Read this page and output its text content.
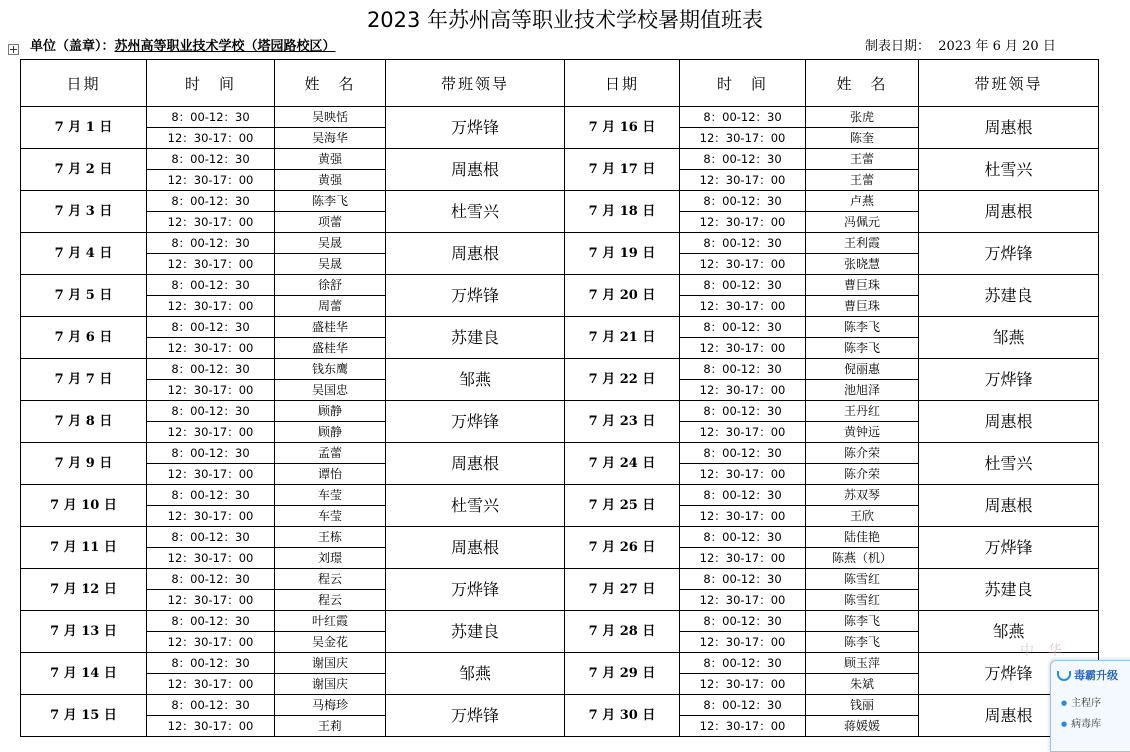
2023 年苏州高等职业技术学校暑期值班表
单位（盖章）：苏州高等职业技术学校（塔园路校区）	制表日期： 2023 年 6 月 20 日
日期	时　间	姓　名	带班领导	日期	时　间	姓　名	带班领导
7 月 1 日	8：00-12：30	吴映恬	万烨锋	7 月 16 日	8：00-12：30	张虎	周惠根
	12：30-17：00	吴海华			12：30-17：00	陈奎	
7 月 2 日	8：00-12：30	黄强	周惠根	7 月 17 日	8：00-12：30	王蕾	杜雪兴
	12：30-17：00	黄强			12：30-17：00	王蕾	
7 月 3 日	8：00-12：30	陈李飞	杜雪兴	7 月 18 日	8：00-12：30	卢燕	周惠根
	12：30-17：00	项蕾			12：30-17：00	冯佩元	
7 月 4 日	8：00-12：30	吴晟	周惠根	7 月 19 日	8：00-12：30	王利霞	万烨锋
	12：30-17：00	吴晟			12：30-17：00	张晓慧	
7 月 5 日	8：00-12：30	徐舒	万烨锋	7 月 20 日	8：00-12：30	曹巨珠	苏建良
	12：30-17：00	周蕾			12：30-17：00	曹巨珠	
7 月 6 日	8：00-12：30	盛桂华	苏建良	7 月 21 日	8：00-12：30	陈李飞	邹燕
	12：30-17：00	盛桂华			12：30-17：00	陈李飞	
7 月 7 日	8：00-12：30	钱东鹰	邹燕	7 月 22 日	8：00-12：30	倪丽惠	万烨锋
	12：30-17：00	吴国忠			12：30-17：00	池旭泽	
7 月 8 日	8：00-12：30	顾静	万烨锋	7 月 23 日	8：00-12：30	王丹红	周惠根
	12：30-17：00	顾静			12：30-17：00	黄钟远	
7 月 9 日	8：00-12：30	孟蕾	周惠根	7 月 24 日	8：00-12：30	陈介荣	杜雪兴
	12：30-17：00	谭怡			12：30-17：00	陈介荣	
7 月 10 日	8：00-12：30	车莹	杜雪兴	7 月 25 日	8：00-12：30	苏双琴	周惠根
	12：30-17：00	车莹			12：30-17：00	王欣	
7 月 11 日	8：00-12：30	王栋	周惠根	7 月 26 日	8：00-12：30	陆佳艳	万烨锋
	12：30-17：00	刘璟			12：30-17：00	陈燕（机）	
7 月 12 日	8：00-12：30	程云	万烨锋	7 月 27 日	8：00-12：30	陈雪红	苏建良
	12：30-17：00	程云			12：30-17：00	陈雪红	
7 月 13 日	8：00-12：30	叶红霞	苏建良	7 月 28 日	8：00-12：30	陈李飞	邹燕
	12：30-17：00	吴金花			12：30-17：00	陈李飞	
7 月 14 日	8：00-12：30	谢国庆	邹燕	7 月 29 日	8：00-12：30	顾玉萍	万烨锋
	12：30-17：00	谢国庆			12：30-17：00	朱斌	
7 月 15 日	8：00-12：30	马梅珍	万烨锋	7 月 30 日	8：00-12：30	钱丽	周惠根
	12：30-17：00	王莉			12：30-17：00	蒋媛媛	
中　华
毒霸升级
● 主程序
● 病毒库
